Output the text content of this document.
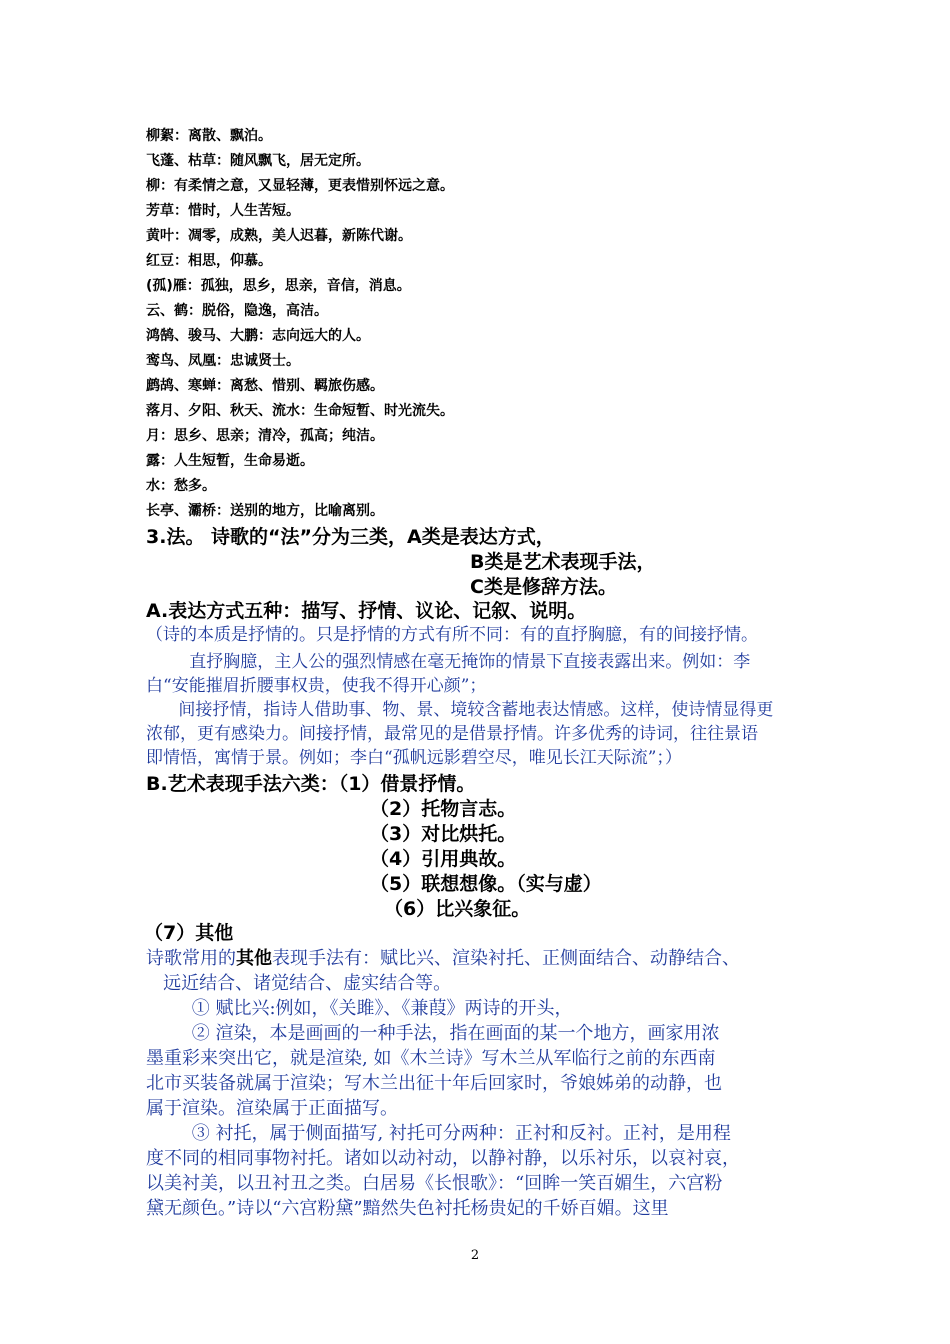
柳絮：离散、飘泊。
飞蓬、枯草：随风飘飞，居无定所。
柳：有柔情之意，又显轻薄，更表惜别怀远之意。
芳草：惜时，人生苦短。
黄叶：凋零，成熟，美人迟暮，新陈代谢。
红豆：相思，仰慕。
(孤)雁：孤独，思乡，思亲，音信，消息。
云、鹤：脱俗，隐逸，高洁。
鸿鹄、骏马、大鹏：志向远大的人。
鸾鸟、凤凰：忠诚贤士。
鹧鸪、寒蝉：离愁、惜别、羁旅伤感。
落月、夕阳、秋天、流水：生命短暂、时光流失。
月：思乡、思亲；清冷，孤高；纯洁。
露：人生短暂，生命易逝。
水：愁多。
长亭、灞桥：送别的地方，比喻离别。
3.法。 诗歌的“法”分为三类，A类是表达方式，
B类是艺术表现手法，
C类是修辞方法。
A.表达方式五种：描写、抒情、议论、记叙、说明。
（诗的本质是抒情的。只是抒情的方式有所不同：有的直抒胸臆，有的间接抒情。
直抒胸臆，主人公的强烈情感在毫无掩饰的情景下直接表露出来。例如：李
白“安能摧眉折腰事权贵，使我不得开心颜”；
间接抒情，指诗人借助事、物、景、境较含蓄地表达情感。这样，使诗情显得更
浓郁，更有感染力。间接抒情，最常见的是借景抒情。许多优秀的诗词，往往景语
即情悟，寓情于景。例如；李白“孤帆远影碧空尽，唯见长江天际流”；）
B.艺术表现手法六类：（1）借景抒情。
（2）托物言志。
（3）对比烘托。
（4）引用典故。
（5）联想想像。（实与虚）
（6）比兴象征。
（7）其他
诗歌常用的其他表现手法有：赋比兴、渲染衬托、正侧面结合、动静结合、
远近结合、诸觉结合、虚实结合等。
① 赋比兴:例如，《关雎》、《兼葭》两诗的开头，
② 渲染，本是画画的一种手法，指在画面的某一个地方，画家用浓
墨重彩来突出它，就是渲染, 如《木兰诗》写木兰从军临行之前的东西南
北市买装备就属于渲染；写木兰出征十年后回家时，爷娘姊弟的动静，也
属于渲染。渲染属于正面描写。
③ 衬托，属于侧面描写, 衬托可分两种：正衬和反衬。正衬，是用程
度不同的相同事物衬托。诸如以动衬动，以静衬静，以乐衬乐，以哀衬哀，
以美衬美，以丑衬丑之类。白居易《长恨歌》：“回眸一笑百媚生，六宫粉
黛无颜色。”诗以“六宫粉黛”黯然失色衬托杨贵妃的千娇百媚。这里
2
